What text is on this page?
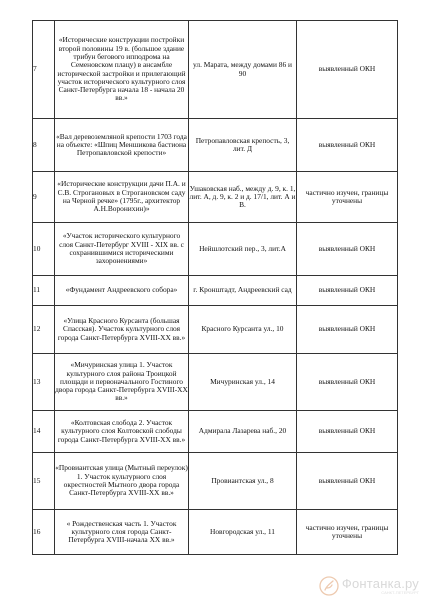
7	«Исторические конструкции постройки второй половины 19 в. (большое здание трибун бегового ипподрома на Семеновском плацу) в ансамбле исторической застройки и прилегающий участок исторического культурного слоя Санкт-Петербурга начала 18 - начала 20 вв.»	ул. Марата, между домами 86 и 90	выявленный ОКН
8	«Вал деревоземляной крепости 1703 года на объекте: «Шпиц Меншикова бастиона Петропавловской крепости»	Петропавловская крепость, 3, лит. Д	выявленный ОКН
9	«Исторические конструкции дачи П.А. и С.В. Строгановых в Строгановском саду на Черной речке» (1795г., архитектор А.Н.Воронихин)»	Ушаковская наб., между д. 9, к. 1, лит. А, д. 9, к. 2 и д. 17/1, лит. А и В.	частично изучен, границы уточнены
10	«Участок исторического культурного слоя Санкт-Петербург XVIII - XIX вв. с сохранившимися историческими захоронениями»	Нейшлотский пер., 3, лит.А	выявленный ОКН
11	«Фундамент Андреевского собора»	г. Кронштадт, Андреевский сад	выявленный ОКН
12	«Улица Красного Курсанта (большая Спасская). Участок культурного слоя города Санкт-Петербурга XVIII-XX вв.»	Красного Курсанта ул., 10	выявленный ОКН
13	«Мичуринская улица 1. Участок культурного слоя района Троицкой площади и первоначального Гостиного двора города Санкт-Петербурга XVIII-XX вв.»	Мичуринская ул., 14	выявленный ОКН
14	«Колтовская слобода 2. Участок культурного слоя Колтовской слободы города Санкт-Петербурга XVIII-XX вв.»	Адмирала Лазарева наб., 20	выявленный ОКН
15	«Провиантская улица (Мытный переулок) 1. Участок культурного слоя окрестностей Мытного двора города Санкт-Петербурга XVIII-XX вв.»	Провиантская ул., 8	выявленный ОКН
16	« Рождественская часть 1. Участок культурного слоя города Санкт-Петербурга XVIII-начала XX вв.»	Новгородская ул., 11	частично изучен, границы уточнены
Фонтанка.ру
САНКТ-ПЕТЕРБУРГ
